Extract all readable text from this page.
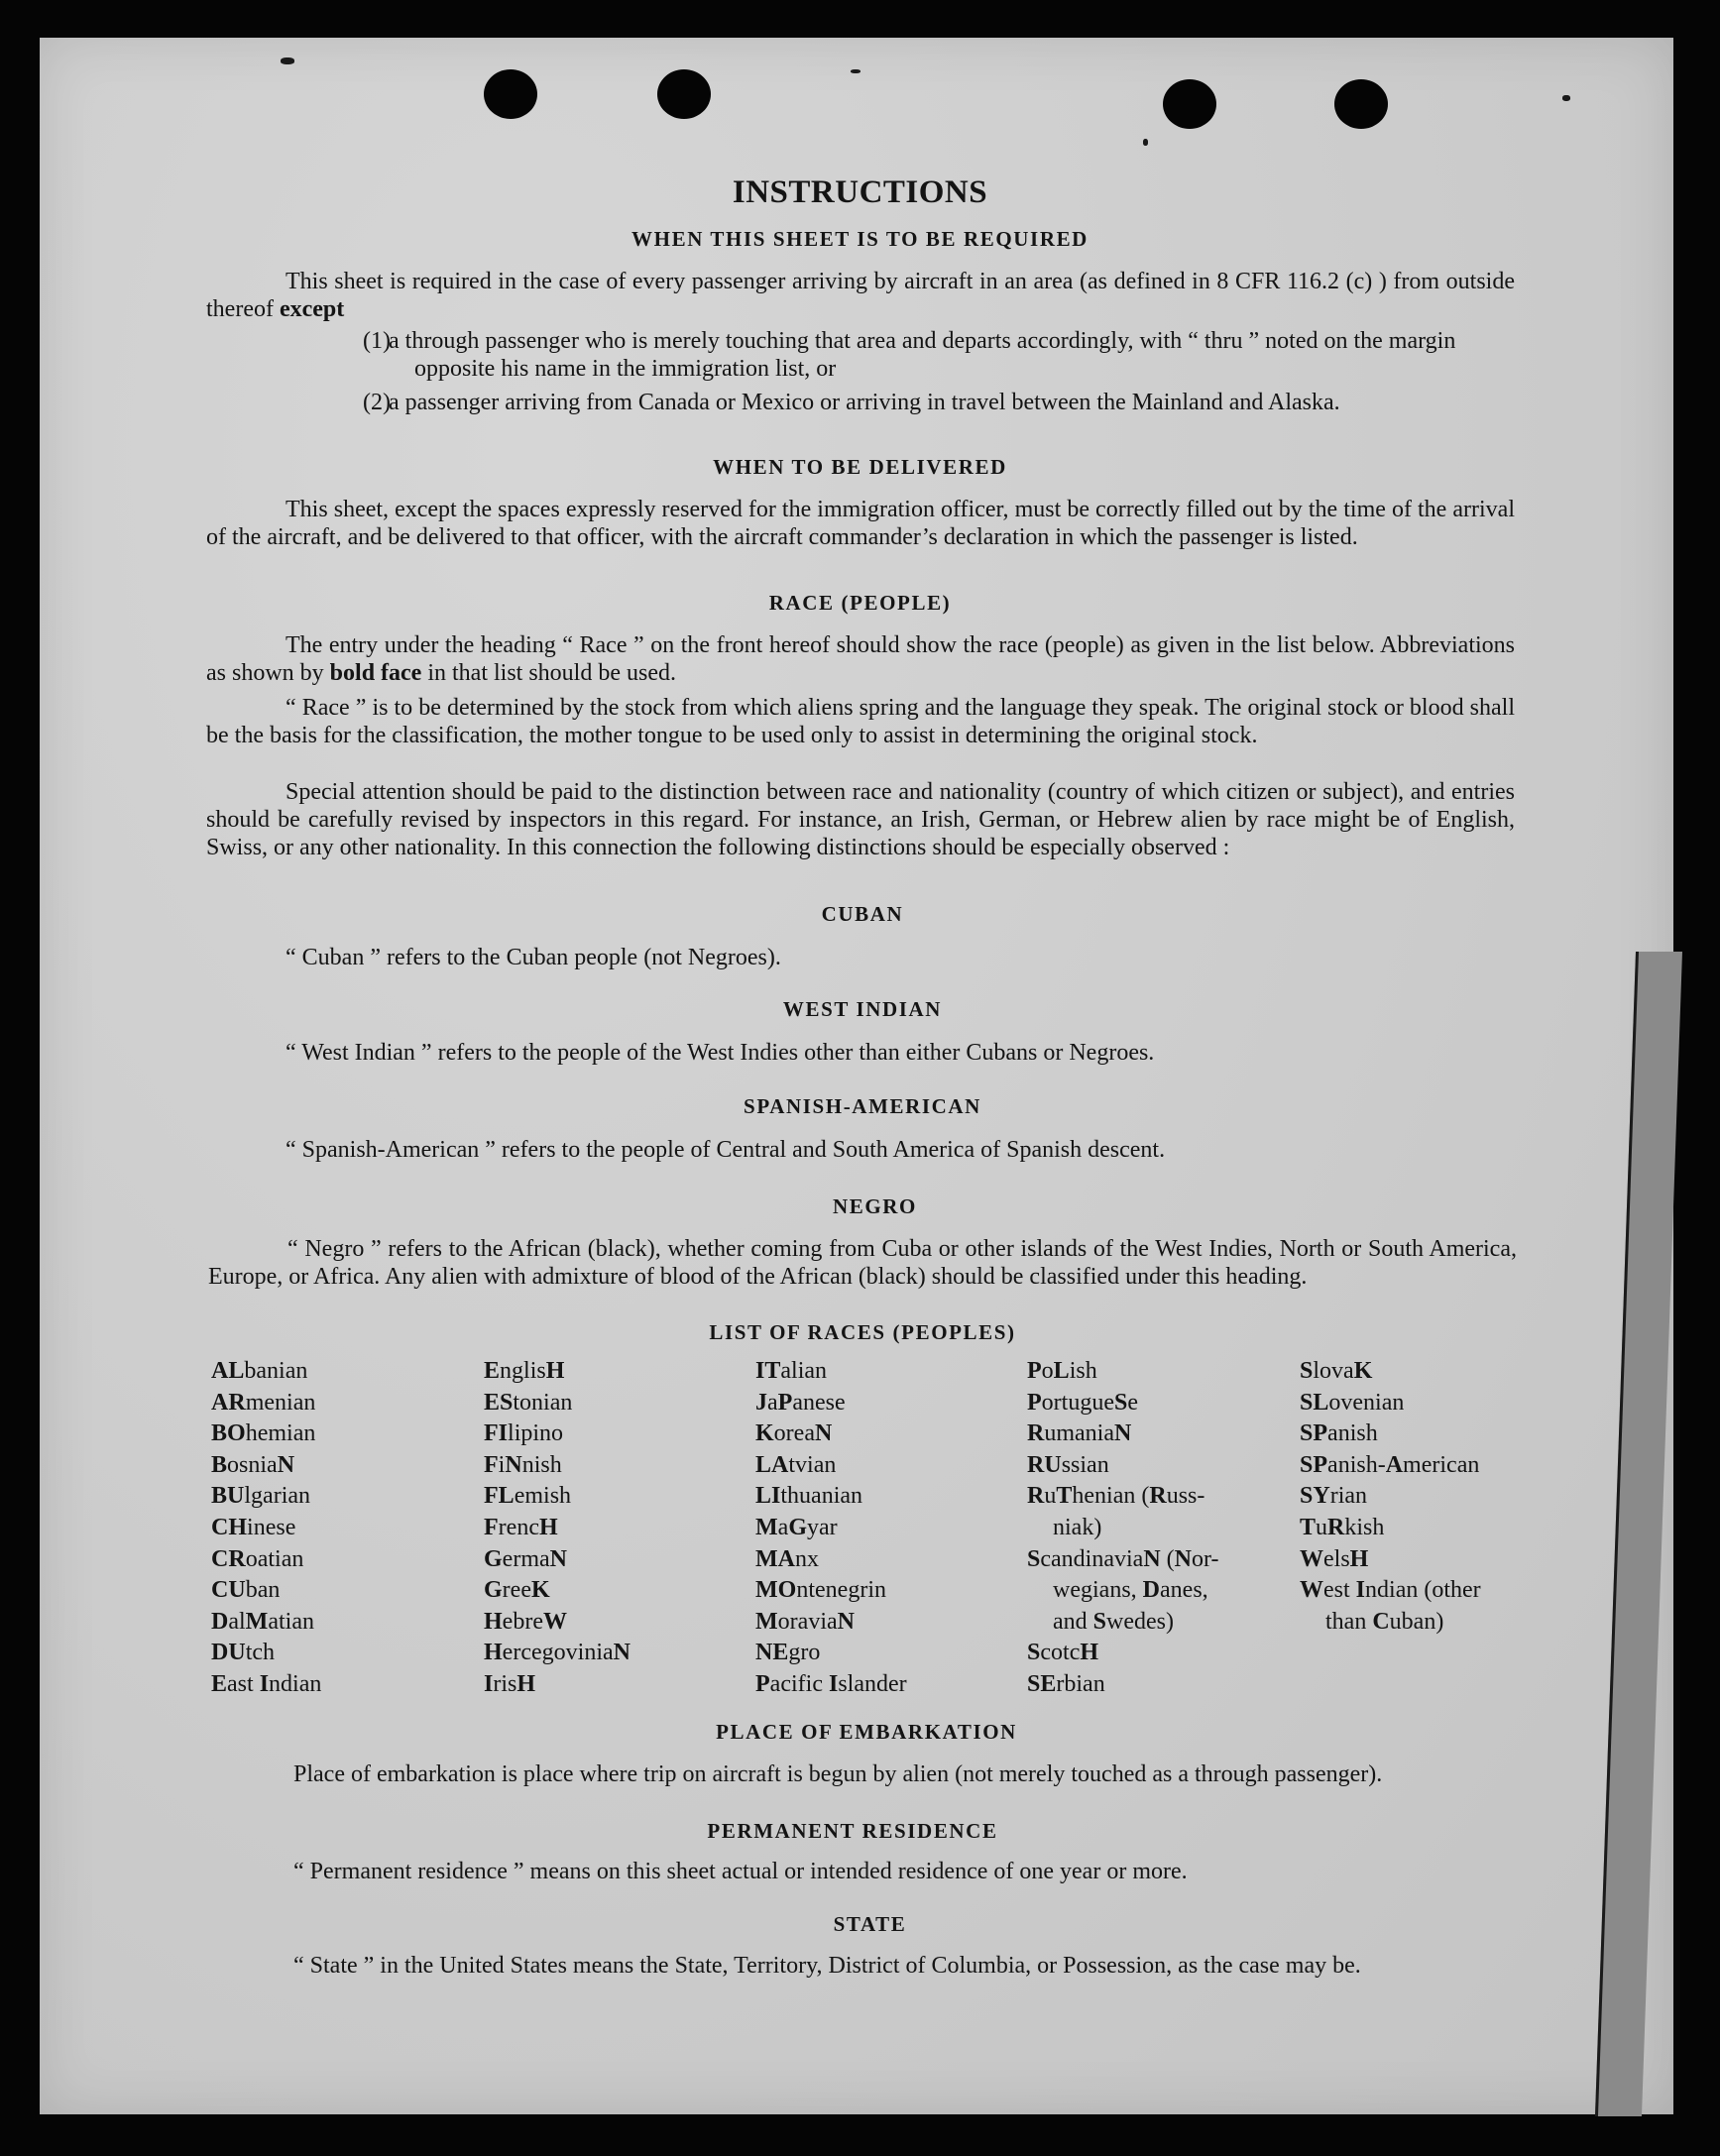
INSTRUCTIONS
WHEN THIS SHEET IS TO BE REQUIRED
This sheet is required in the case of every passenger arriving by aircraft in an area (as defined in 8 CFR 116.2 (c) ) from outside thereof except
(1)
a through passenger who is merely touching that area and departs accordingly, with “ thru ” noted on the margin opposite his name in the immigration list, or
(2)
a passenger arriving from Canada or Mexico or arriving in travel between the Mainland and Alaska.
WHEN TO BE DELIVERED
This sheet, except the spaces expressly reserved for the immigration officer, must be correctly filled out by the time of the arrival of the aircraft, and be delivered to that officer, with the aircraft commander’s declaration in which the passenger is listed.
RACE (PEOPLE)
The entry under the heading “ Race ” on the front hereof should show the race (people) as given in the list below. Abbreviations as shown by bold face in that list should be used.
“ Race ” is to be determined by the stock from which aliens spring and the language they speak. The original stock or blood shall be the basis for the classification, the mother tongue to be used only to assist in determining the original stock.
Special attention should be paid to the distinction between race and nationality (country of which citizen or subject), and entries should be carefully revised by inspectors in this regard. For instance, an Irish, German, or Hebrew alien by race might be of English, Swiss, or any other nationality. In this connection the following distinctions should be especially observed :
CUBAN
“ Cuban ” refers to the Cuban people (not Negroes).
WEST INDIAN
“ West Indian ” refers to the people of the West Indies other than either Cubans or Negroes.
SPANISH-AMERICAN
“ Spanish-American ” refers to the people of Central and South America of Spanish descent.
NEGRO
“ Negro ” refers to the African (black), whether coming from Cuba or other islands of the West Indies, North or South America, Europe, or Africa. Any alien with admixture of blood of the African (black) should be classified under this heading.
LIST OF RACES (PEOPLES)
ALbanian
ARmenian
BOhemian
BosniaN
BUlgarian
CHinese
CRoatian
CUban
DalMatian
DUtch
East Indian
EnglisH
EStonian
FIlipino
FiNnish
FLemish
FrencH
GermaN
GreeK
HebreW
HercegoviniaN
IrisH
ITalian
JaPanese
KoreaN
LAtvian
LIthuanian
MaGyar
MAnx
MOntenegrin
MoraviaN
NEgro
Pacific Islander
PoLish
PortugueSe
RumaniaN
RUssian
RuThenian (Russ-
niak)
ScandinaviaN (Nor-
wegians, Danes,
and Swedes)
ScotcH
SErbian
SlovaK
SLovenian
SPanish
SPanish-American
SYrian
TuRkish
WelsH
West Indian (other
than Cuban)
PLACE OF EMBARKATION
Place of embarkation is place where trip on aircraft is begun by alien (not merely touched as a through passenger).
PERMANENT RESIDENCE
“ Permanent residence ” means on this sheet actual or intended residence of one year or more.
STATE
“ State ” in the United States means the State, Territory, District of Columbia, or Possession, as the case may be.
